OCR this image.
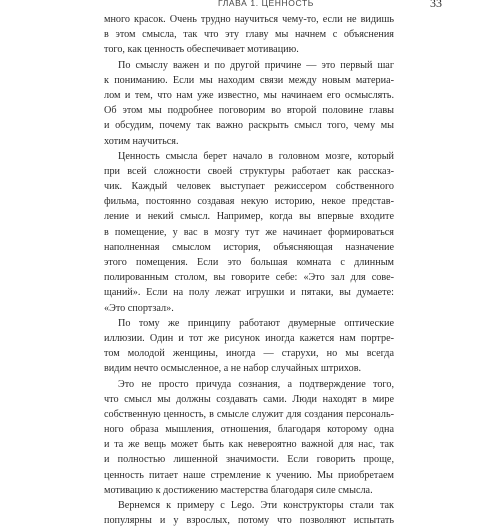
ГЛАВА 1. ЦЕННОСТЬ	33
много красок. Очень трудно научиться чему-то, если не видишь
в этом смысла, так что эту главу мы начнем с объяснения
того, как ценность обеспечивает мотивацию.
По смыслу важен и по другой причине — это первый шаг
к пониманию. Если мы находим связи между новым материа-
лом и тем, что нам уже известно, мы начинаем его осмыслять.
Об этом мы подробнее поговорим во второй половине главы
и обсудим, почему так важно раскрыть смысл того, чему мы
хотим научиться.
Ценность смысла берет начало в головном мозге, который
при всей сложности своей структуры работает как рассказ-
чик. Каждый человек выступает режиссером собственного
фильма, постоянно создавая некую историю, некое представ-
ление и некий смысл. Например, когда вы впервые входите
в помещение, у вас в мозгу тут же начинает формироваться
наполненная смыслом история, объясняющая назначение
этого помещения. Если это большая комната с длинным
полированным столом, вы говорите себе: «Это зал для сове-
щаний». Если на полу лежат игрушки и пятаки, вы думаете:
«Это спортзал».
По тому же принципу работают двумерные оптические
иллюзии. Один и тот же рисунок иногда кажется нам портре-
том молодой женщины, иногда — старухи, но мы всегда
видим нечто осмысленное, а не набор случайных штрихов.
Это не просто причуда сознания, а подтверждение того,
что смысл мы должны создавать сами. Люди находят в мире
собственную ценность, в смысле служит для создания персональ-
ного образа мышления, отношения, благодаря которому одна
и та же вещь может быть как невероятно важной для нас, так
и полностью лишенной значимости. Если говорить проще,
ценность питает наше стремление к учению. Мы приобретаем
мотивацию к достижению мастерства благодаря силе смысла.
Вернемся к примеру с Lego. Эти конструкторы стали так
популярны и у взрослых, потому что позволяют испытать
